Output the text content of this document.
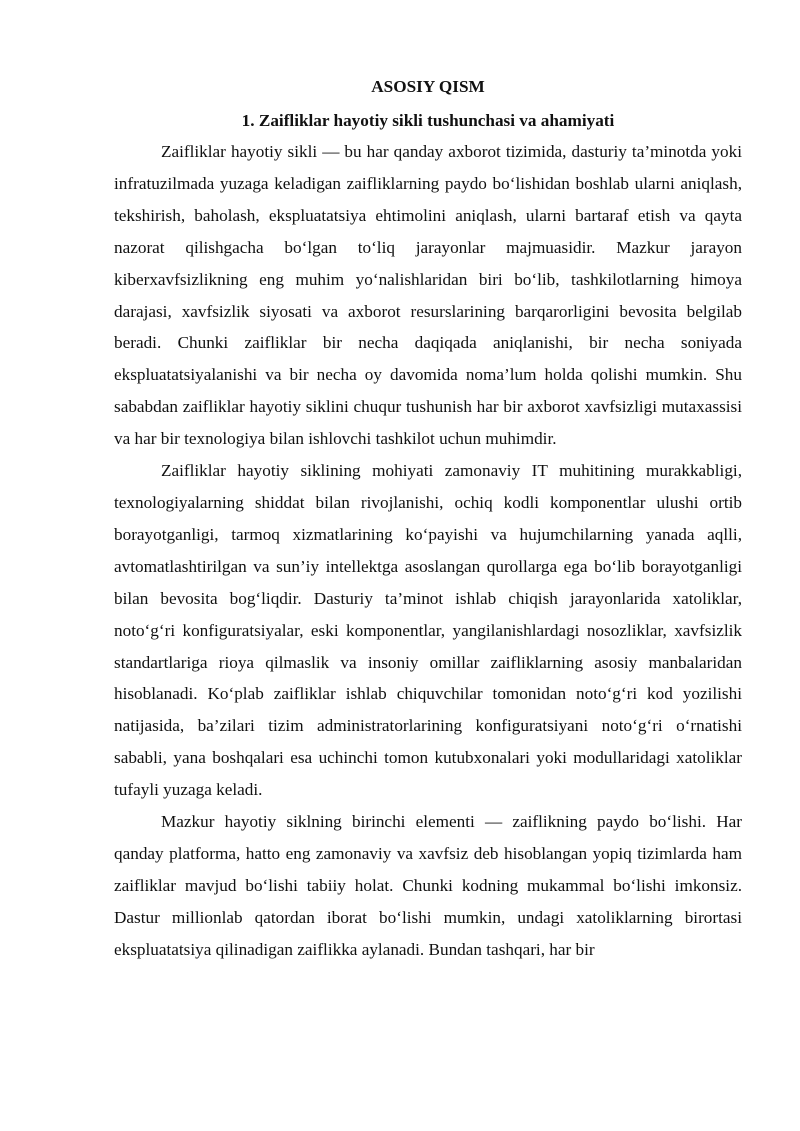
ASOSIY QISM
1. Zaifliklar hayotiy sikli tushunchasi va ahamiyati

Zaifliklar hayotiy sikli — bu har qanday axborot tizimida, dasturiy ta’minotda yoki infratuzilmada yuzaga keladigan zaifliklarning paydo bo‘lishidan boshlab ularni aniqlash, tekshirish, baholash, ekspluatatsiya ehtimolini aniqlash, ularni bartaraf etish va qayta nazorat qilishgacha bo‘lgan to‘liq jarayonlar majmuasidir. Mazkur jarayon kiberxavfsizlikning eng muhim yo‘nalishlaridan biri bo‘lib, tashkilotlarning himoya darajasi, xavfsizlik siyosati va axborot resurslarining barqarorligini bevosita belgilab beradi. Chunki zaifliklar bir necha daqiqada aniqlanishi, bir necha soniyada ekspluatatsiyalanishi va bir necha oy davomida noma’lum holda qolishi mumkin. Shu sababdan zaifliklar hayotiy siklini chuqur tushunish har bir axborot xavfsizligi mutaxassisi va har bir texnologiya bilan ishlovchi tashkilot uchun muhimdir.

Zaifliklar hayotiy siklining mohiyati zamonaviy IT muhitining murakkabligi, texnologiyalarning shiddat bilan rivojlanishi, ochiq kodli komponentlar ulushi ortib borayotganligi, tarmoq xizmatlarining ko‘payishi va hujumchilarning yanada aqlli, avtomatlashtirilgan va sun’iy intellektga asoslangan qurollarga ega bo‘lib borayotganligi bilan bevosita bog‘liqdir. Dasturiy ta’minot ishlab chiqish jarayonlarida xatoliklar, noto‘g‘ri konfiguratsiyalar, eski komponentlar, yangilanishlardagi nosozliklar, xavfsizlik standartlariga rioya qilmaslik va insoniy omillar zaifliklarning asosiy manbalaridan hisoblanadi. Ko‘plab zaifliklar ishlab chiquvchilar tomonidan noto‘g‘ri kod yozilishi natijasida, ba’zilari tizim administratorlarining konfiguratsiyani noto‘g‘ri o‘rnatishi sababli, yana boshqalari esa uchinchi tomon kutubxonalari yoki modullaridagi xatoliklar tufayli yuzaga keladi.

Mazkur hayotiy siklning birinchi elementi — zaiflikning paydo bo‘lishi. Har qanday platforma, hatto eng zamonaviy va xavfsiz deb hisoblangan yopiq tizimlarda ham zaifliklar mavjud bo‘lishi tabiiy holat. Chunki kodning mukammal bo‘lishi imkonsiz. Dastur millionlab qatordan iborat bo‘lishi mumkin, undagi xatoliklarning birortasi ekspluatatsiya qilinadigan zaiflikka aylanadi. Bundan tashqari, har bir
